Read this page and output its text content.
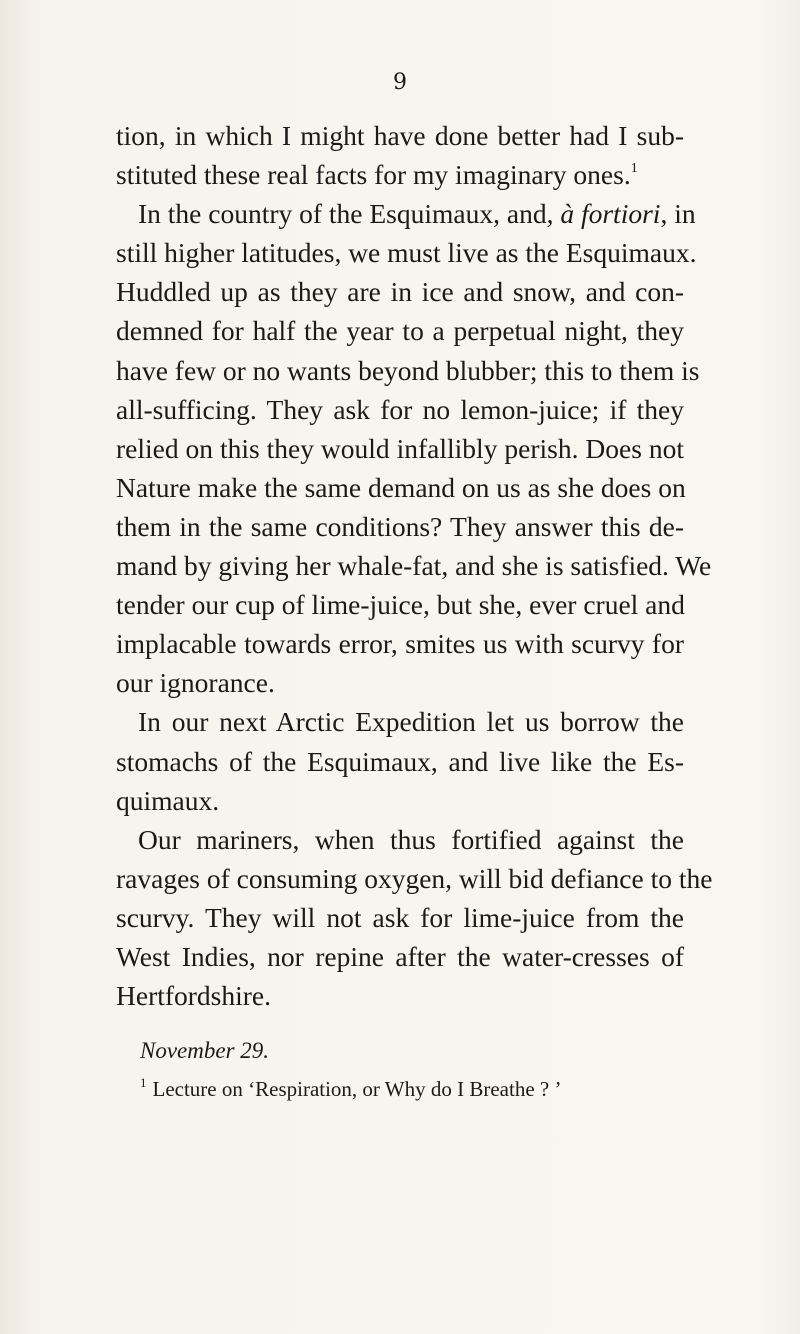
9
tion, in which I might have done better had I sub-
stituted these real facts for my imaginary ones.$^1$
In the country of the Esquimaux, and, à fortiori, in
still higher latitudes, we must live as the Esquimaux.
Huddled up as they are in ice and snow, and con-
demned for half the year to a perpetual night, they
have few or no wants beyond blubber; this to them is
all-sufficing. They ask for no lemon-juice; if they
relied on this they would infallibly perish. Does not
Nature make the same demand on us as she does on
them in the same conditions? They answer this de-
mand by giving her whale-fat, and she is satisfied. We
tender our cup of lime-juice, but she, ever cruel and
implacable towards error, smites us with scurvy for
our ignorance.
In our next Arctic Expedition let us borrow the
stomachs of the Esquimaux, and live like the Es-
quimaux.
Our mariners, when thus fortified against the
ravages of consuming oxygen, will bid defiance to the
scurvy. They will not ask for lime-juice from the
West Indies, nor repine after the water-cresses of
Hertfordshire.
November 29.
$^1$ Lecture on ‘Respiration, or Why do I Breathe ? ’
